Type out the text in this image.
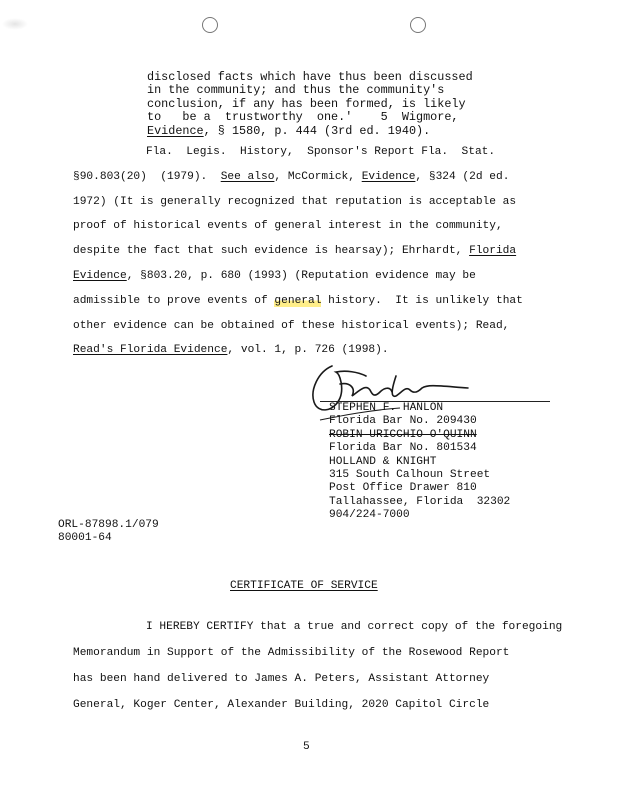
disclosed facts which have thus been discussed
in the community; and thus the community's
conclusion, if any has been formed, is likely
to   be a  trustworthy  one.'    5  Wigmore,
Evidence, § 1580, p. 444 (3rd ed. 1940).
Fla.  Legis.  History,  Sponsor's Report Fla.  Stat.
§90.803(20)  (1979).  See also, McCormick, Evidence, §324 (2d ed.
1972) (It is generally recognized that reputation is acceptable as
proof of historical events of general interest in the community,
despite the fact that such evidence is hearsay); Ehrhardt, Florida
Evidence, §803.20, p. 680 (1993) (Reputation evidence may be
admissible to prove events of general history.  It is unlikely that
other evidence can be obtained of these historical events); Read,
Read's Florida Evidence, vol. 1, p. 726 (1998).
STEPHEN F. HANLON
Florida Bar No. 209430
ROBIN URICCHIO O'QUINN
Florida Bar No. 801534
HOLLAND & KNIGHT
315 South Calhoun Street
Post Office Drawer 810
Tallahassee, Florida  32302
904/224-7000
ORL-87898.1/079
80001-64
CERTIFICATE OF SERVICE
I HEREBY CERTIFY that a true and correct copy of the foregoing
Memorandum in Support of the Admissibility of the Rosewood Report
has been hand delivered to James A. Peters, Assistant Attorney
General, Koger Center, Alexander Building, 2020 Capitol Circle
5
